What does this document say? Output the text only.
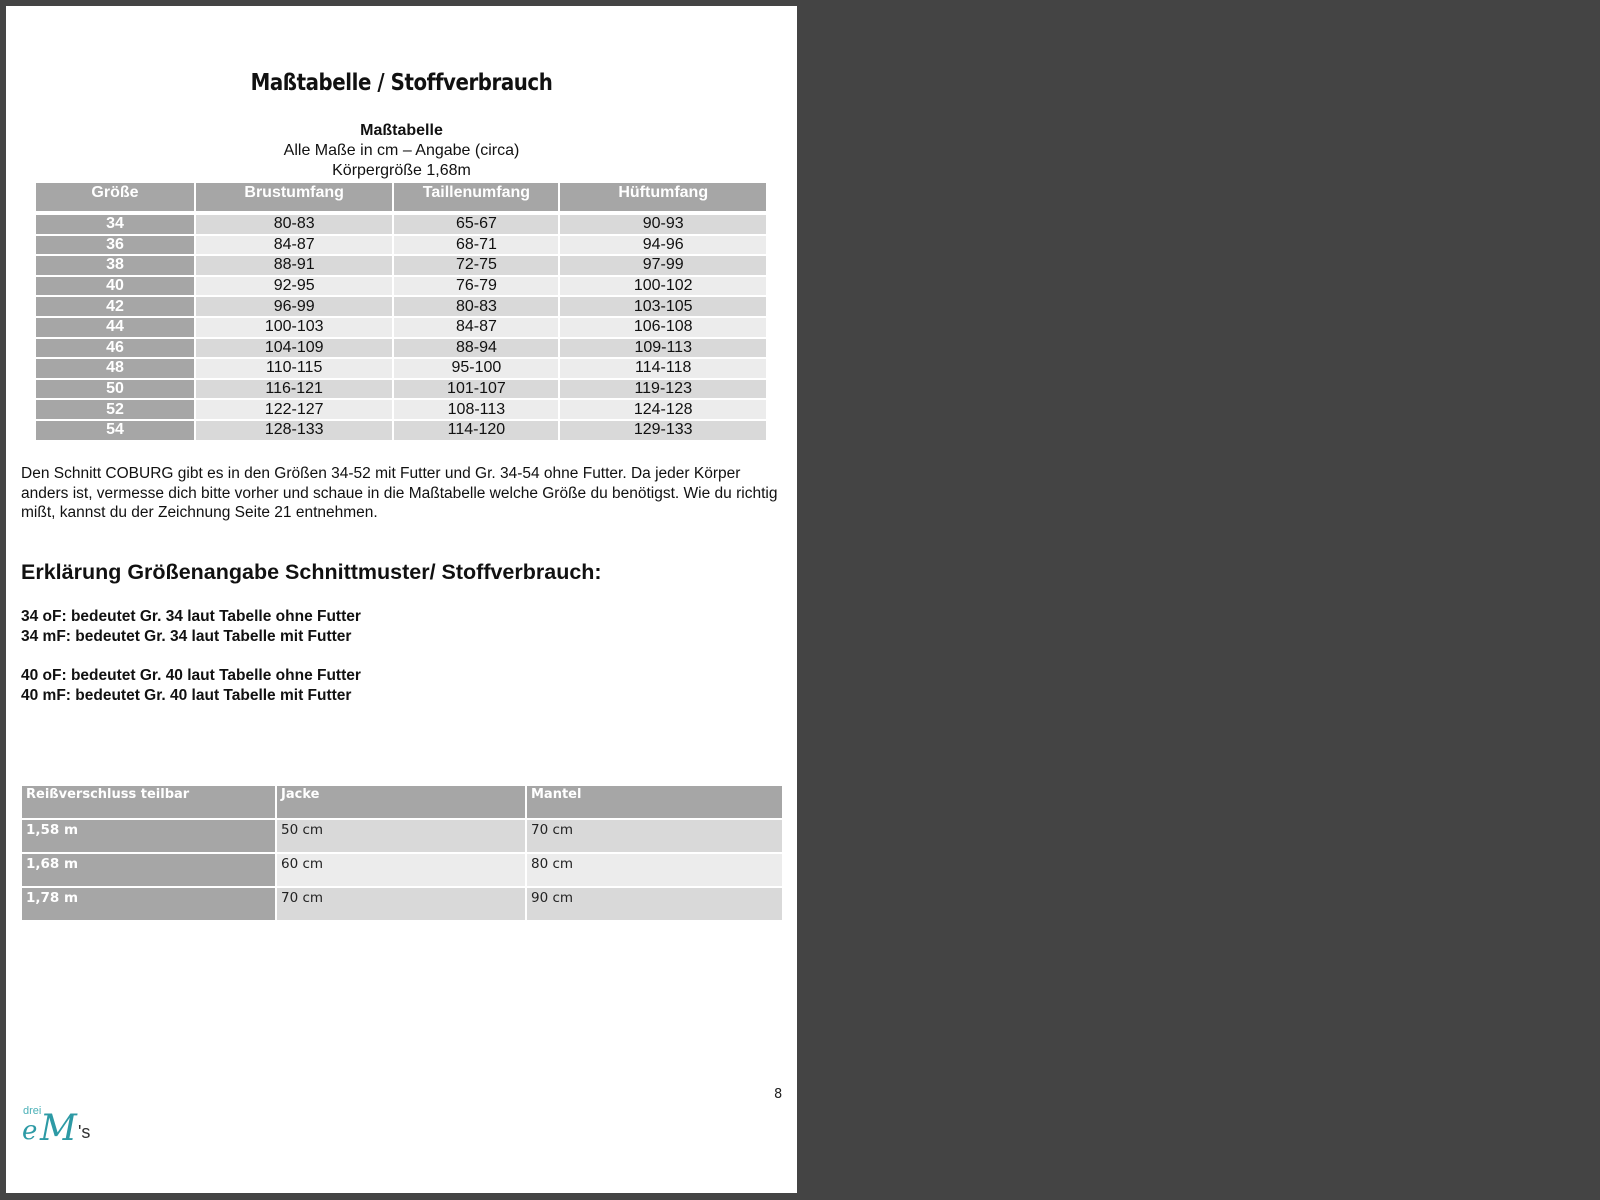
Maßtabelle / Stoffverbrauch
Maßtabelle
Alle Maße in cm – Angabe (circa)
Körpergröße 1,68m
Größe	Brustumfang	Taillenumfang	Hüftumfang

34	80-83	65-67	90-93
36	84-87	68-71	94-96
38	88-91	72-75	97-99
40	92-95	76-79	100-102
42	96-99	80-83	103-105
44	100-103	84-87	106-108
46	104-109	88-94	109-113
48	110-115	95-100	114-118
50	116-121	101-107	119-123
52	122-127	108-113	124-128
54	128-133	114-120	129-133
Den Schnitt COBURG gibt es in den Größen 34-52 mit Futter und Gr. 34-54 ohne Futter. Da jeder Körper anders ist, vermesse dich bitte vorher und schaue in die Maßtabelle welche Größe du benötigst. Wie du richtig mißt, kannst du der Zeichnung Seite 21 entnehmen.
Erklärung Größenangabe Schnittmuster/ Stoffverbrauch:
34 oF: bedeutet Gr. 34 laut Tabelle ohne Futter
34 mF: bedeutet Gr. 34 laut Tabelle mit Futter
40 oF: bedeutet Gr. 40 laut Tabelle ohne Futter
40 mF: bedeutet Gr. 40 laut Tabelle mit Futter
Reißverschluss teilbar	Jacke	Mantel
1,58 m	50 cm	70 cm
1,68 m	60 cm	80 cm
1,78 m	70 cm	90 cm
8
drei
e M 's
